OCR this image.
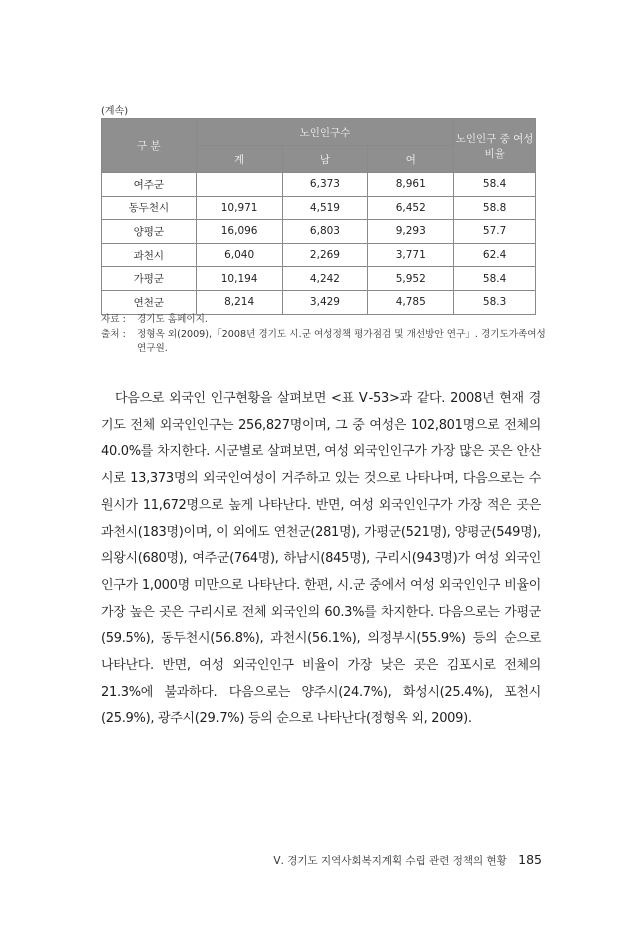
(계속)
구 분	노인인구수			노인인구 중 여성비율
	계	남	여	
여주군		6,373	8,961	58.4
동두천시	10,971	4,519	6,452	58.8
양평군	16,096	6,803	9,293	57.7
과천시	6,040	2,269	3,771	62.4
가평군	10,194	4,242	5,952	58.4
연천군	8,214	3,429	4,785	58.3
자료 :	경기도 홈페이지.
출처 :	정형옥 외(2009),「2008년 경기도 시․군 여성정책 평가점검 및 개선방안 연구」. 경기도가족여성
연구원.

다음으로 외국인 인구현황을 살펴보면 <표 Ⅴ-53>과 같다. 2008년 현재 경기도 전체 외국인인구는 256,827명이며, 그 중 여성은 102,801명으로 전체의 40.0%를 차지한다. 시군별로 살펴보면, 여성 외국인인구가 가장 많은 곳은 안산시로 13,373명의 외국인여성이 거주하고 있는 것으로 나타나며, 다음으로는 수원시가 11,672명으로 높게 나타난다. 반면, 여성 외국인인구가 가장 적은 곳은 과천시(183명)이며, 이 외에도 연천군(281명), 가평군(521명), 양평군(549명), 의왕시(680명), 여주군(764명), 하남시(845명), 구리시(943명)가 여성 외국인인구가 1,000명 미만으로 나타난다. 한편, 시․군 중에서 여성 외국인인구 비율이 가장 높은 곳은 구리시로 전체 외국인의 60.3%를 차지한다. 다음으로는 가평군(59.5%), 동두천시(56.8%), 과천시(56.1%), 의정부시(55.9%) 등의 순으로 나타난다. 반면, 여성 외국인인구 비율이 가장 낮은 곳은 김포시로 전체의 21.3%에 불과하다. 다음으로는 양주시(24.7%), 화성시(25.4%), 포천시(25.9%), 광주시(29.7%) 등의 순으로 나타난다(정형옥 외, 2009).

Ⅴ. 경기도 지역사회복지계획 수립 관련 정책의 현황 185
